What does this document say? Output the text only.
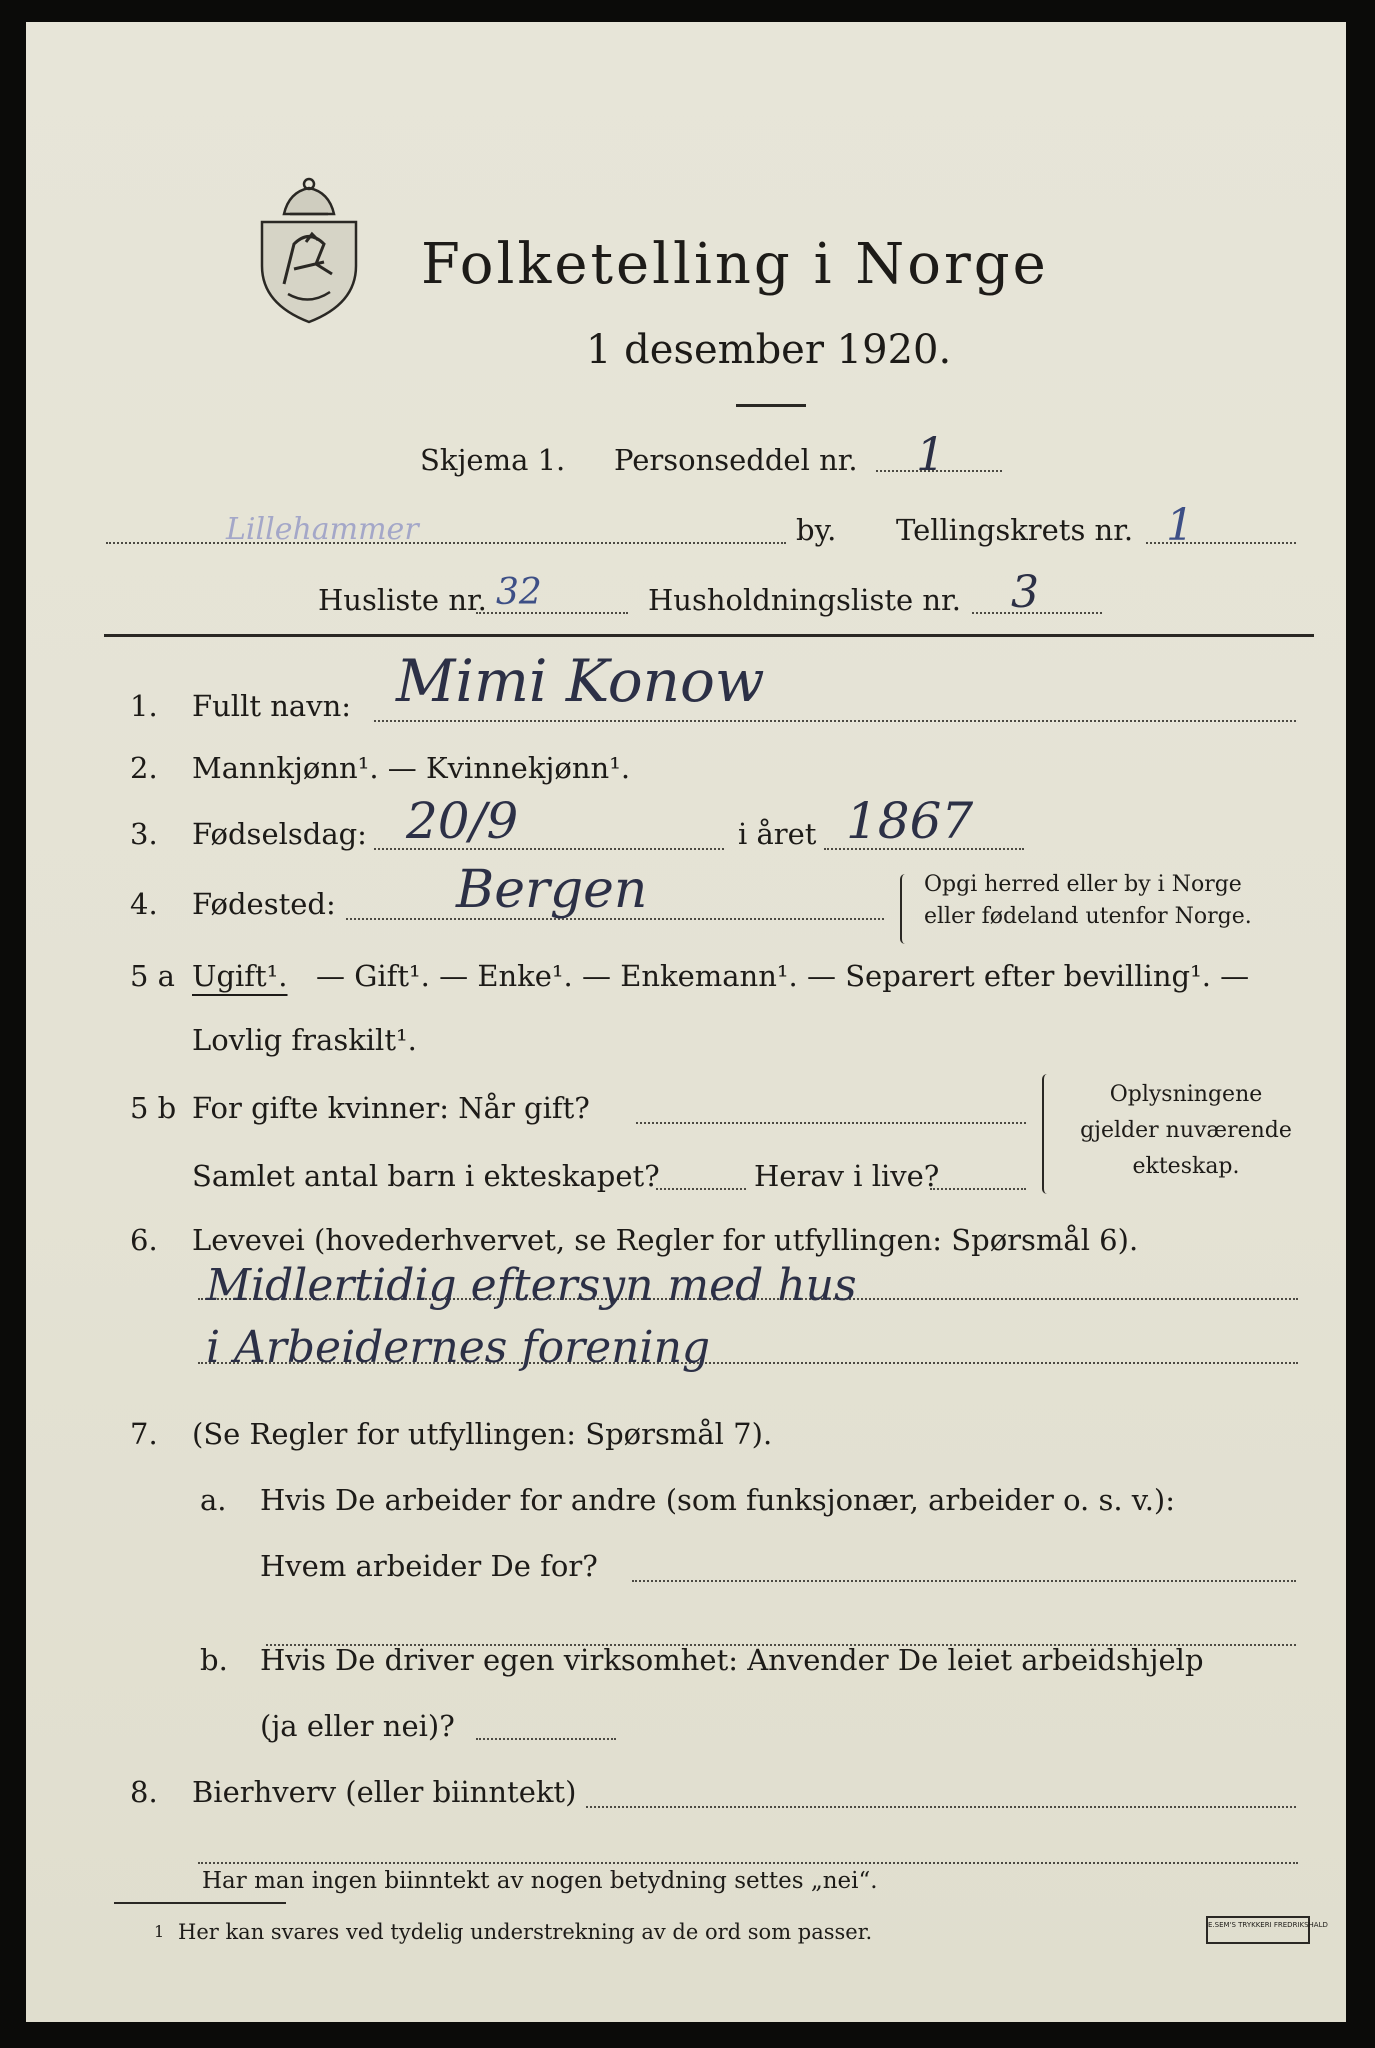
Folketelling i Norge
1 desember 1920.
Skjema 1. Personseddel nr. 1
Lillehammer	by. Tellingskrets nr. 1
Husliste nr. 32	Husholdningsliste nr. 3
1. Fullt navn: Mimi Konow
2. Mannkjønn¹. — Kvinnekjønn¹.
3. Fødselsdag: 20/9	i året 1867
4. Fødested: Bergen	Opgi herred eller by i Norge
eller fødeland utenfor Norge.
5 a Ugift¹. — Gift¹. — Enke¹. — Enkemann¹. — Separert efter bevilling¹. —
Lovlig fraskilt¹.
5 b For gifte kvinner: Når gift?
Samlet antal barn i ekteskapet?	Herav i live?
Oplysningene
gjelder nuværende
ekteskap.
6. Levevei (hovederhvervet, se Regler for utfyllingen: Spørsmål 6).
Midlertidig eftersyn med hus
i Arbeidernes forening
7. (Se Regler for utfyllingen: Spørsmål 7).
a. Hvis De arbeider for andre (som funksjonær, arbeider o. s. v.):
Hvem arbeider De for?
b. Hvis De driver egen virksomhet: Anvender De leiet arbeidshjelp
(ja eller nei)?
8. Bierhverv (eller biinntekt)
Har man ingen biinntekt av nogen betydning settes „nei“.
1 Her kan svares ved tydelig understrekning av de ord som passer.	E.SEM'S TRYKKERI FREDRIKSHALD
